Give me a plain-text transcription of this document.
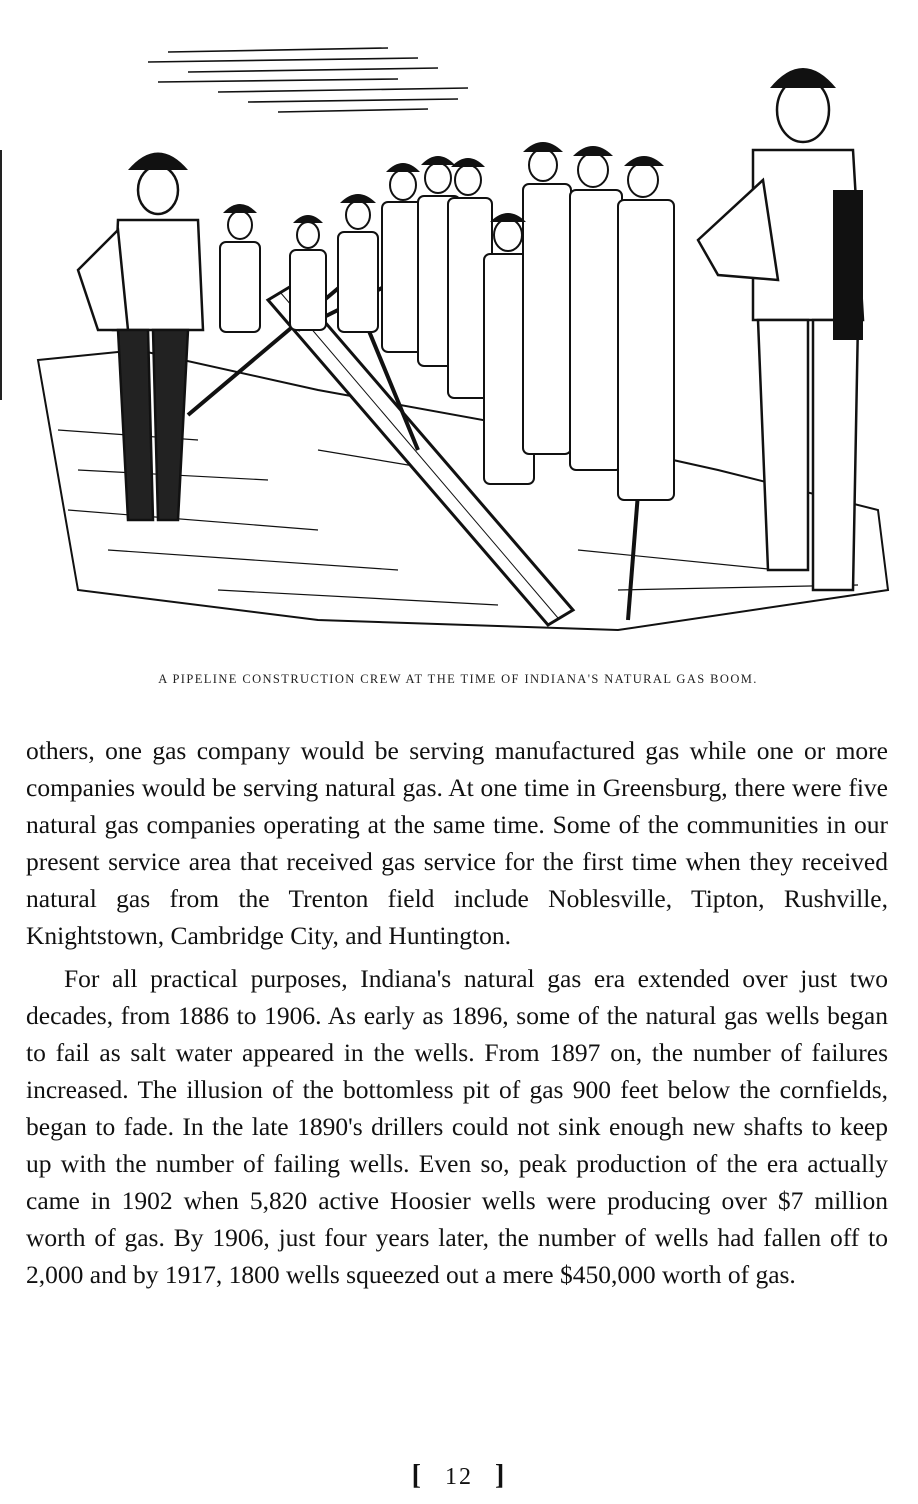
A PIPELINE CONSTRUCTION CREW AT THE TIME OF INDIANA'S NATURAL GAS BOOM.

others, one gas company would be serving manufactured gas while one or more companies would be serving natural gas. At one time in Greensburg, there were five natural gas companies operating at the same time. Some of the communities in our present service area that received gas service for the first time when they received natural gas from the Trenton field include Noblesville, Tipton, Rushville, Knightstown, Cambridge City, and Huntington.

For all practical purposes, Indiana's natural gas era extended over just two decades, from 1886 to 1906. As early as 1896, some of the natural gas wells began to fail as salt water appeared in the wells. From 1897 on, the number of failures increased. The illusion of the bottomless pit of gas 900 feet below the cornfields, began to fade. In the late 1890's drillers could not sink enough new shafts to keep up with the number of failing wells. Even so, peak production of the era actually came in 1902 when 5,820 active Hoosier wells were producing over $7 million worth of gas. By 1906, just four years later, the number of wells had fallen off to 2,000 and by 1917, 1800 wells squeezed out a mere $450,000 worth of gas.

[ 12 ]
